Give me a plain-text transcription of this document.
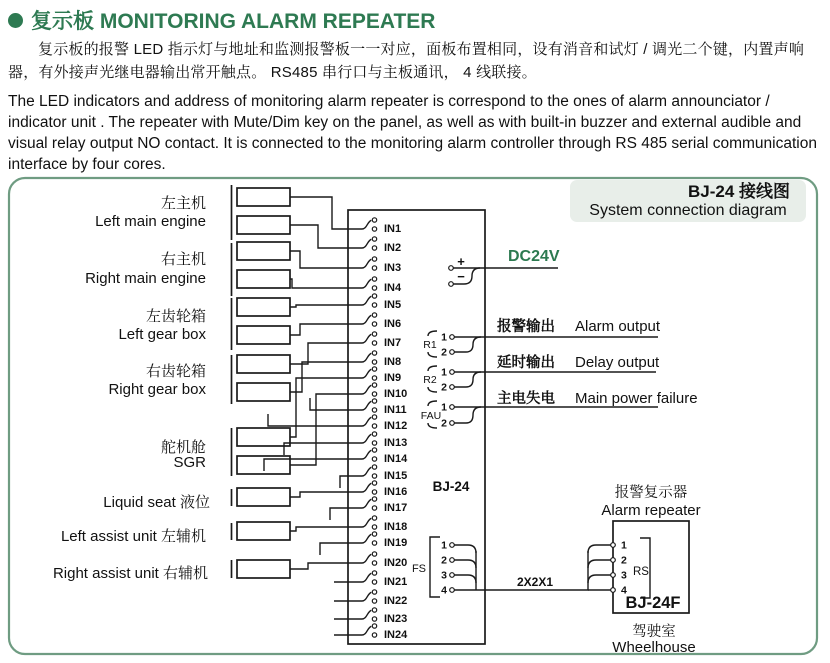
复示板 MONITORING ALARM REPEATER
复示板的报警 LED 指示灯与地址和监测报警板一一对应，面板布置相同，设有消音和试灯 / 调光二个键，内置声响器，有外接声光继电器输出常开触点。 RS485 串行口与主板通讯， 4 线联接。
The LED indicators and address of monitoring alarm repeater is correspond to the ones of alarm announciator / indicator unit . The repeater with Mute/Dim key on the panel, as well as with built-in buzzer and external audible and visual relay output NO contact. It is connected to the monitoring alarm controller through RS 485 serial communication interface by four cores.
BJ-24 接线图
System connection diagram
BJ-24
左主机
Left main engine
右主机
Right main engine
左齿轮箱
Left gear box
右齿轮箱
Right gear box
舵机舱
SGR
Liquid seat 液位
Left assist unit 左辅机
Right assist unit 右辅机
+
−
DC24V
R1
R2
FAU
报警输出 Alarm output
延时输出 Delay output
主电失电 Main power failure
FS
2X2X1
报警复示器
Alarm repeater
RS
BJ-24F
驾驶室
Wheelhouse
IN1
IN2
IN3
IN4
IN5
IN6
IN7
IN8
IN9
IN10
IN11
IN12
IN13
IN14
IN15
IN16
IN17
IN18
IN19
IN20
IN21
IN22
IN23
IN24
1
2
1
2
1
2
1	1
2	2
3	3
4	4
